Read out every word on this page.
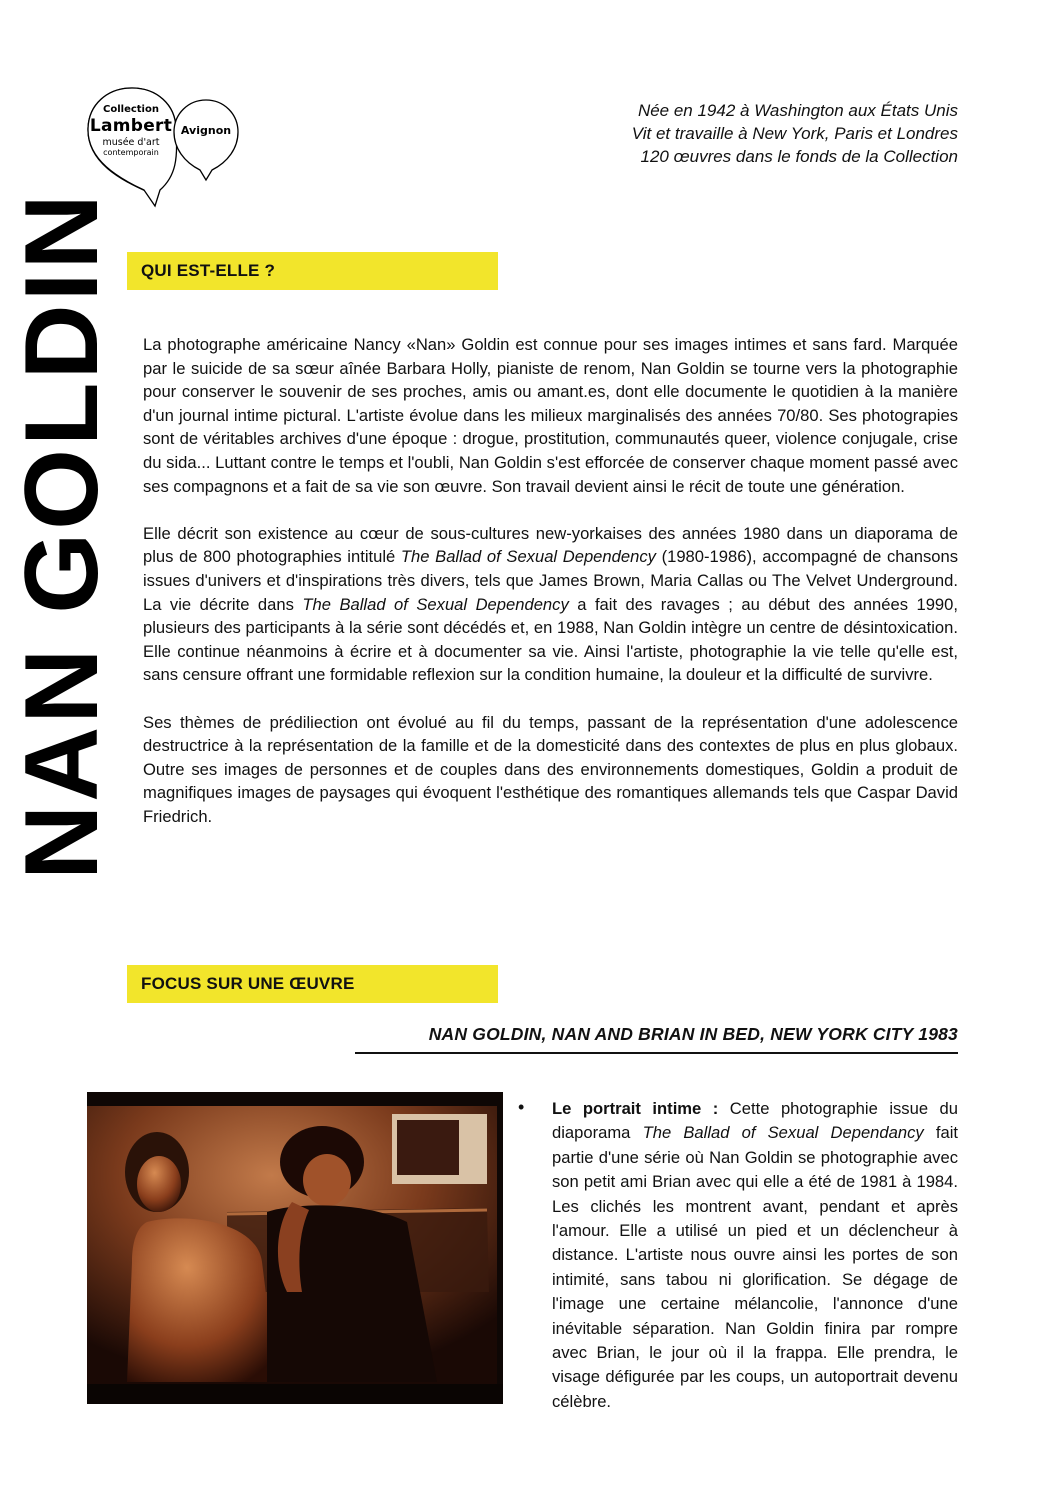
Collection
Lambert
musée d'art
contemporain
Avignon
Née en 1942 à Washington aux États Unis
Vit et travaille à New York, Paris et Londres
120 œuvres dans le fonds de la Collection
NAN GOLDIN QUI EST-ELLE ?

La photographe américaine Nancy «Nan» Goldin est connue pour ses images intimes et sans fard. Marquée par le suicide de sa sœur aînée Barbara Holly, pianiste de renom, Nan Goldin se tourne vers la photographie pour conserver le souvenir de ses proches, amis ou amant.es, dont elle documente le quotidien à la manière d'un journal intime pictural. L'artiste évolue dans les milieux marginalisés des années 70/80. Ses photograpies sont de véritables archives d'une époque : drogue, prostitution, communautés queer, violence conjugale, crise du sida... Luttant contre le temps et l'oubli, Nan Goldin s'est efforcée de conserver chaque moment passé avec ses compagnons et a fait de sa vie son œuvre. Son travail devient ainsi le récit de toute une génération.

Elle décrit son existence au cœur de sous-cultures new-yorkaises des années 1980 dans un diaporama de plus de 800 photographies intitulé The Ballad of Sexual Dependency (1980-1986), accompagné de chansons issues d'univers et d'inspirations très divers, tels que James Brown, Maria Callas ou The Velvet Underground. La vie décrite dans The Ballad of Sexual Dependency a fait des ravages ; au début des années 1990, plusieurs des participants à la série sont décédés et, en 1988, Nan Goldin intègre un centre de désintoxication. Elle continue néanmoins à écrire et à documenter sa vie. Ainsi l'artiste, photographie la vie telle qu'elle est, sans censure offrant une formidable reflexion sur la condition humaine, la douleur et la difficulté de survivre.

Ses thèmes de prédiliection ont évolué au fil du temps, passant de la représentation d'une adolescence destructrice à la représentation de la famille et de la domesticité dans des contextes de plus en plus globaux. Outre ses images de personnes et de couples dans des environnements domestiques, Goldin a produit de magnifiques images de paysages qui évoquent l'esthétique des romantiques allemands tels que Caspar David Friedrich.

FOCUS SUR UNE ŒUVRE
NAN GOLDIN, NAN AND BRIAN IN BED, NEW YORK CITY 1983
• Le portrait intime : Cette photographie issue du diaporama The Ballad of Sexual Dependancy fait partie d'une série où Nan Goldin se photographie avec son petit ami Brian avec qui elle a été de 1981 à 1984. Les clichés les montrent avant, pendant et après l'amour. Elle a utilisé un pied et un déclencheur à distance. L'artiste nous ouvre ainsi les portes de son intimité, sans tabou ni glorification. Se dégage de l'image une certaine mélancolie, l'annonce d'une inévitable séparation. Nan Goldin finira par rompre avec Brian, le jour où il la frappa. Elle prendra, le visage défigurée par les coups, un autoportrait devenu célèbre.
